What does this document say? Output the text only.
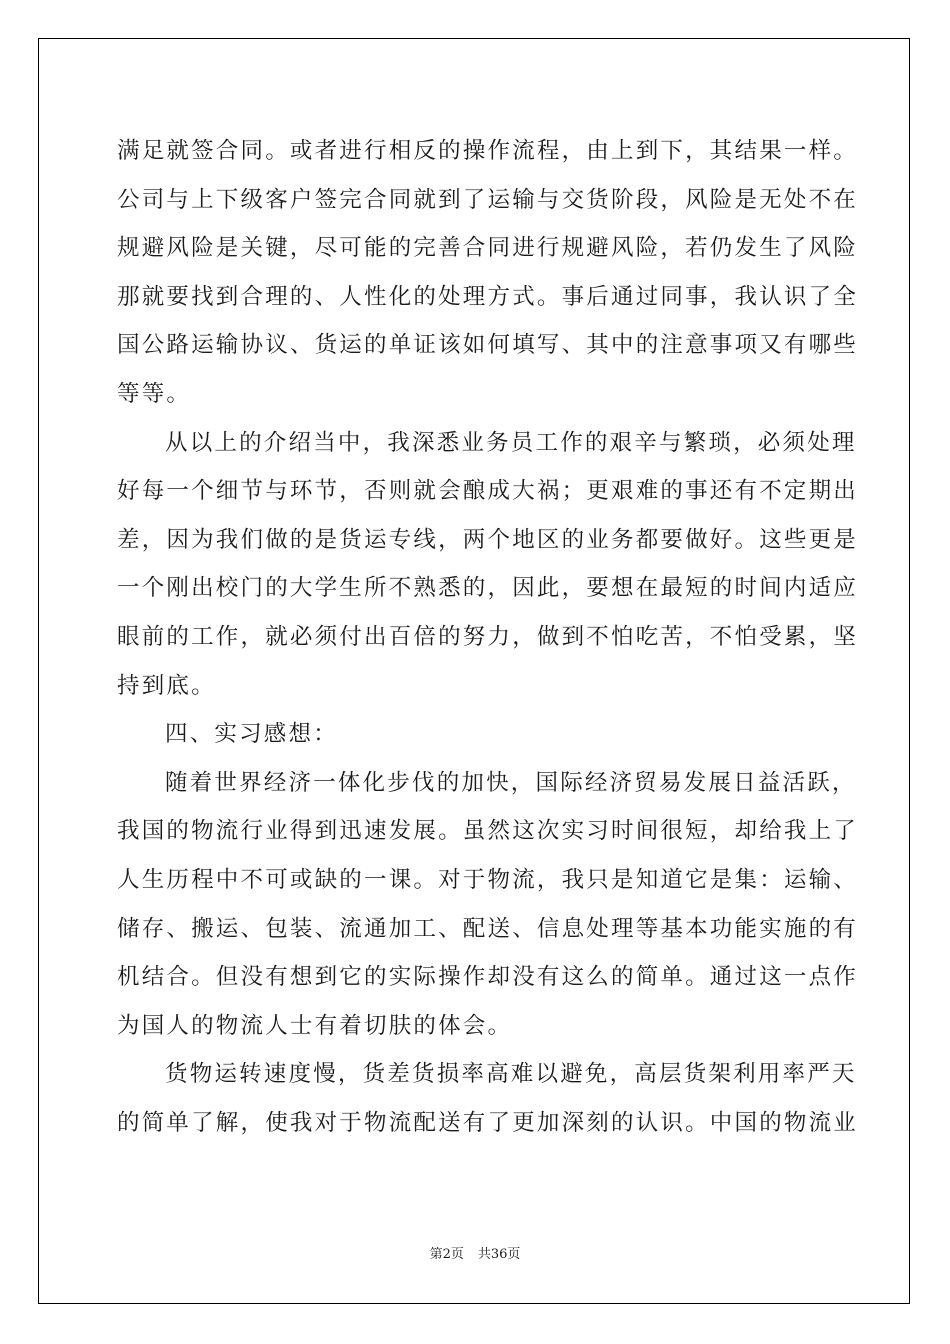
满足就签合同。或者进行相反的操作流程，由上到下，其结果一样。
公司与上下级客户签完合同就到了运输与交货阶段，风险是无处不在
规避风险是关键，尽可能的完善合同进行规避风险，若仍发生了风险
那就要找到合理的、人性化的处理方式。事后通过同事，我认识了全
国公路运输协议、货运的单证该如何填写、其中的注意事项又有哪些
等等。
从以上的介绍当中，我深悉业务员工作的艰辛与繁琐，必须处理
好每一个细节与环节，否则就会酿成大祸；更艰难的事还有不定期出
差，因为我们做的是货运专线，两个地区的业务都要做好。这些更是
一个刚出校门的大学生所不熟悉的，因此，要想在最短的时间内适应
眼前的工作，就必须付出百倍的努力，做到不怕吃苦，不怕受累，坚
持到底。
四、实习感想：
随着世界经济一体化步伐的加快，国际经济贸易发展日益活跃，
我国的物流行业得到迅速发展。虽然这次实习时间很短，却给我上了
人生历程中不可或缺的一课。对于物流，我只是知道它是集：运输、
储存、搬运、包装、流通加工、配送、信息处理等基本功能实施的有
机结合。但没有想到它的实际操作却没有这么的简单。通过这一点作
为国人的物流人士有着切肤的体会。
货物运转速度慢，货差货损率高难以避免，高层货架利用率严天
的简单了解，使我对于物流配送有了更加深刻的认识。中国的物流业
第2页 共36页
